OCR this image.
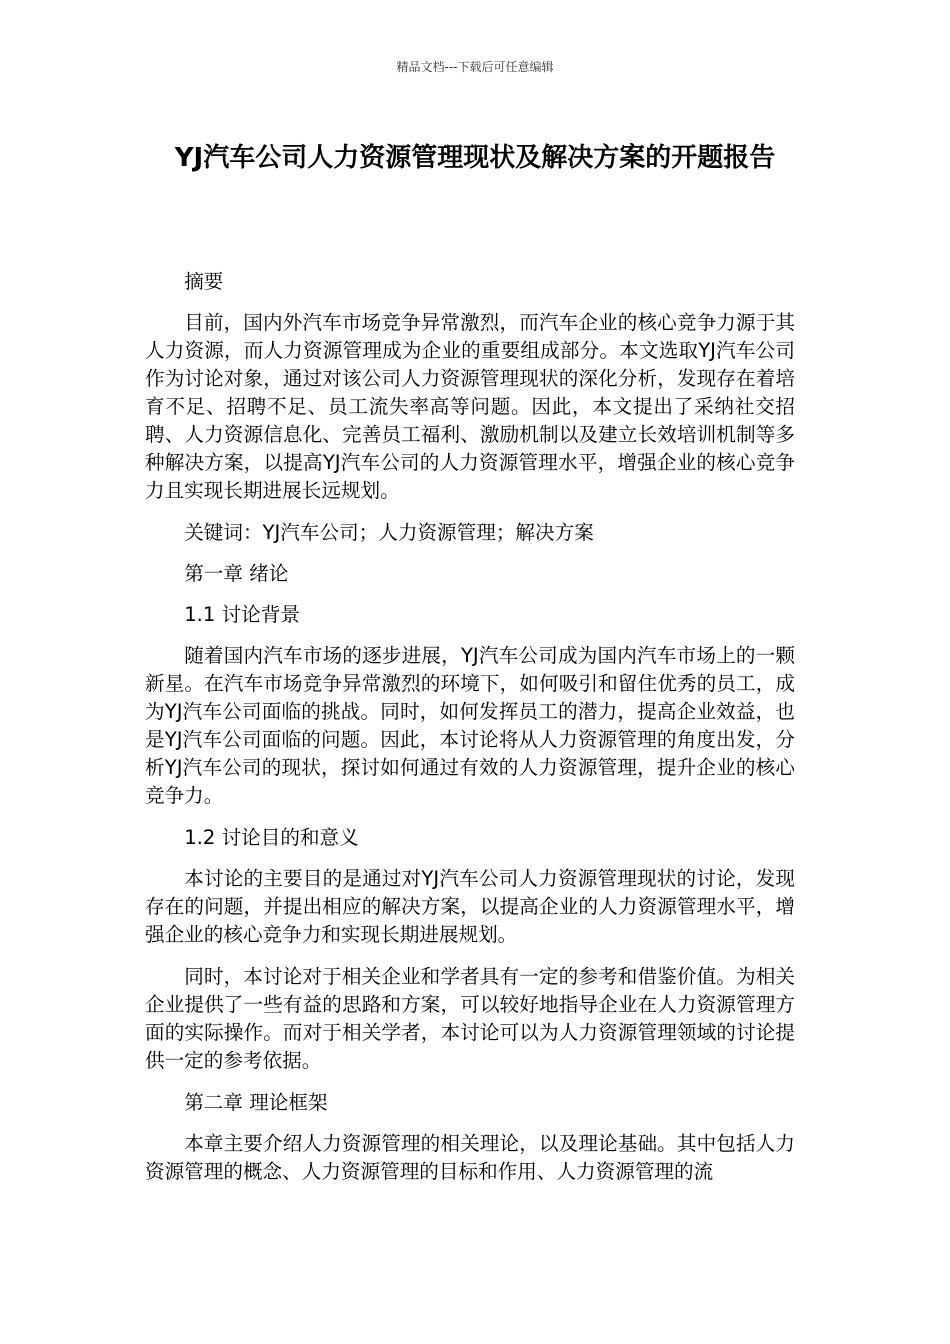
精品文档---下载后可任意编辑
YJ汽车公司人力资源管理现状及解决方案的开题报告

摘要

目前，国内外汽车市场竞争异常激烈，而汽车企业的核心竞争力源于其人力资源，而人力资源管理成为企业的重要组成部分。本文选取YJ汽车公司作为讨论对象，通过对该公司人力资源管理现状的深化分析，发现存在着培育不足、招聘不足、员工流失率高等问题。因此，本文提出了采纳社交招聘、人力资源信息化、完善员工福利、激励机制以及建立长效培训机制等多种解决方案，以提高YJ汽车公司的人力资源管理水平，增强企业的核心竞争力且实现长期进展长远规划。

关键词：YJ汽车公司；人力资源管理；解决方案

第一章 绪论

1.1 讨论背景

随着国内汽车市场的逐步进展，YJ汽车公司成为国内汽车市场上的一颗新星。在汽车市场竞争异常激烈的环境下，如何吸引和留住优秀的员工，成为YJ汽车公司面临的挑战。同时，如何发挥员工的潜力，提高企业效益，也是YJ汽车公司面临的问题。因此，本讨论将从人力资源管理的角度出发，分析YJ汽车公司的现状，探讨如何通过有效的人力资源管理，提升企业的核心竞争力。

1.2 讨论目的和意义

本讨论的主要目的是通过对YJ汽车公司人力资源管理现状的讨论，发现存在的问题，并提出相应的解决方案，以提高企业的人力资源管理水平，增强企业的核心竞争力和实现长期进展规划。

同时，本讨论对于相关企业和学者具有一定的参考和借鉴价值。为相关企业提供了一些有益的思路和方案，可以较好地指导企业在人力资源管理方面的实际操作。而对于相关学者，本讨论可以为人力资源管理领域的讨论提供一定的参考依据。

第二章 理论框架

本章主要介绍人力资源管理的相关理论，以及理论基础。其中包括人力资源管理的概念、人力资源管理的目标和作用、人力资源管理的流
